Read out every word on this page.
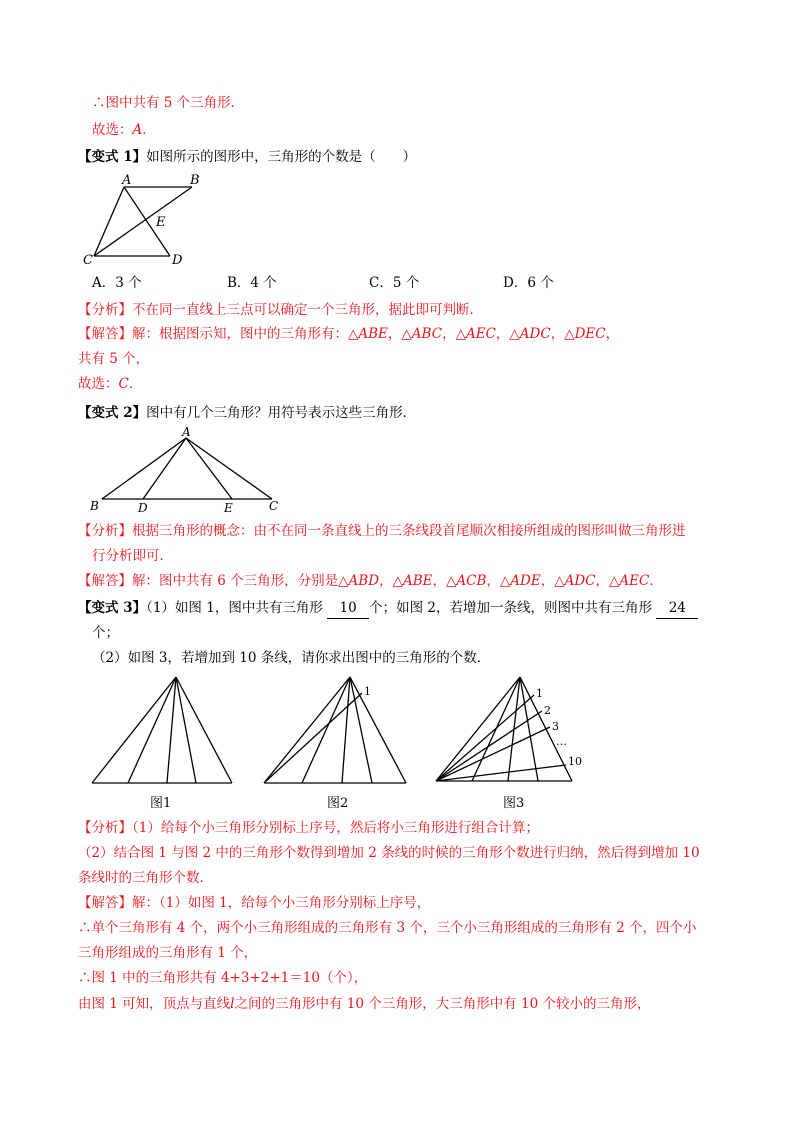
∴图中共有 5 个三角形．
故选：A．
【变式 1】如图所示的图形中，三角形的个数是（　　）
A	B
C	D
E
A．3 个	B．4 个	C．5 个	D．6 个
【分析】不在同一直线上三点可以确定一个三角形，据此即可判断．
【解答】解：根据图示知，图中的三角形有：△ABE，△ABC，△AEC，△ADC，△DEC，
共有 5 个，
故选：C．
【变式 2】图中有几个三角形？用符号表示这些三角形．
A
B	D	E	C
【分析】根据三角形的概念：由不在同一条直线上的三条线段首尾顺次相接所组成的图形叫做三角形进
行分析即可．
【解答】解：图中共有 6 个三角形，分别是△ABD，△ABE，△ACB，△ADE，△ADC，△AEC．
【变式 3】（1）如图 1，图中共有三角形 10 个；如图 2，若增加一条线，则图中共有三角形 24
个；
（2）如图 3，若增加到 10 条线，请你求出图中的三角形的个数．
图1
1
图2
1
2
3
…
10
图3
【分析】（1）给每个小三角形分别标上序号，然后将小三角形进行组合计算；
（2）结合图 1 与图 2 中的三角形个数得到增加 2 条线的时候的三角形个数进行归纳，然后得到增加 10
条线时的三角形个数．
【解答】解：（1）如图 1，给每个小三角形分别标上序号，
∴单个三角形有 4 个，两个小三角形组成的三角形有 3 个，三个小三角形组成的三角形有 2 个，四个小
三角形组成的三角形有 1 个，
∴图 1 中的三角形共有 4+3+2+1＝10（个），
由图 1 可知，顶点与直线l之间的三角形中有 10 个三角形，大三角形中有 10 个较小的三角形，
